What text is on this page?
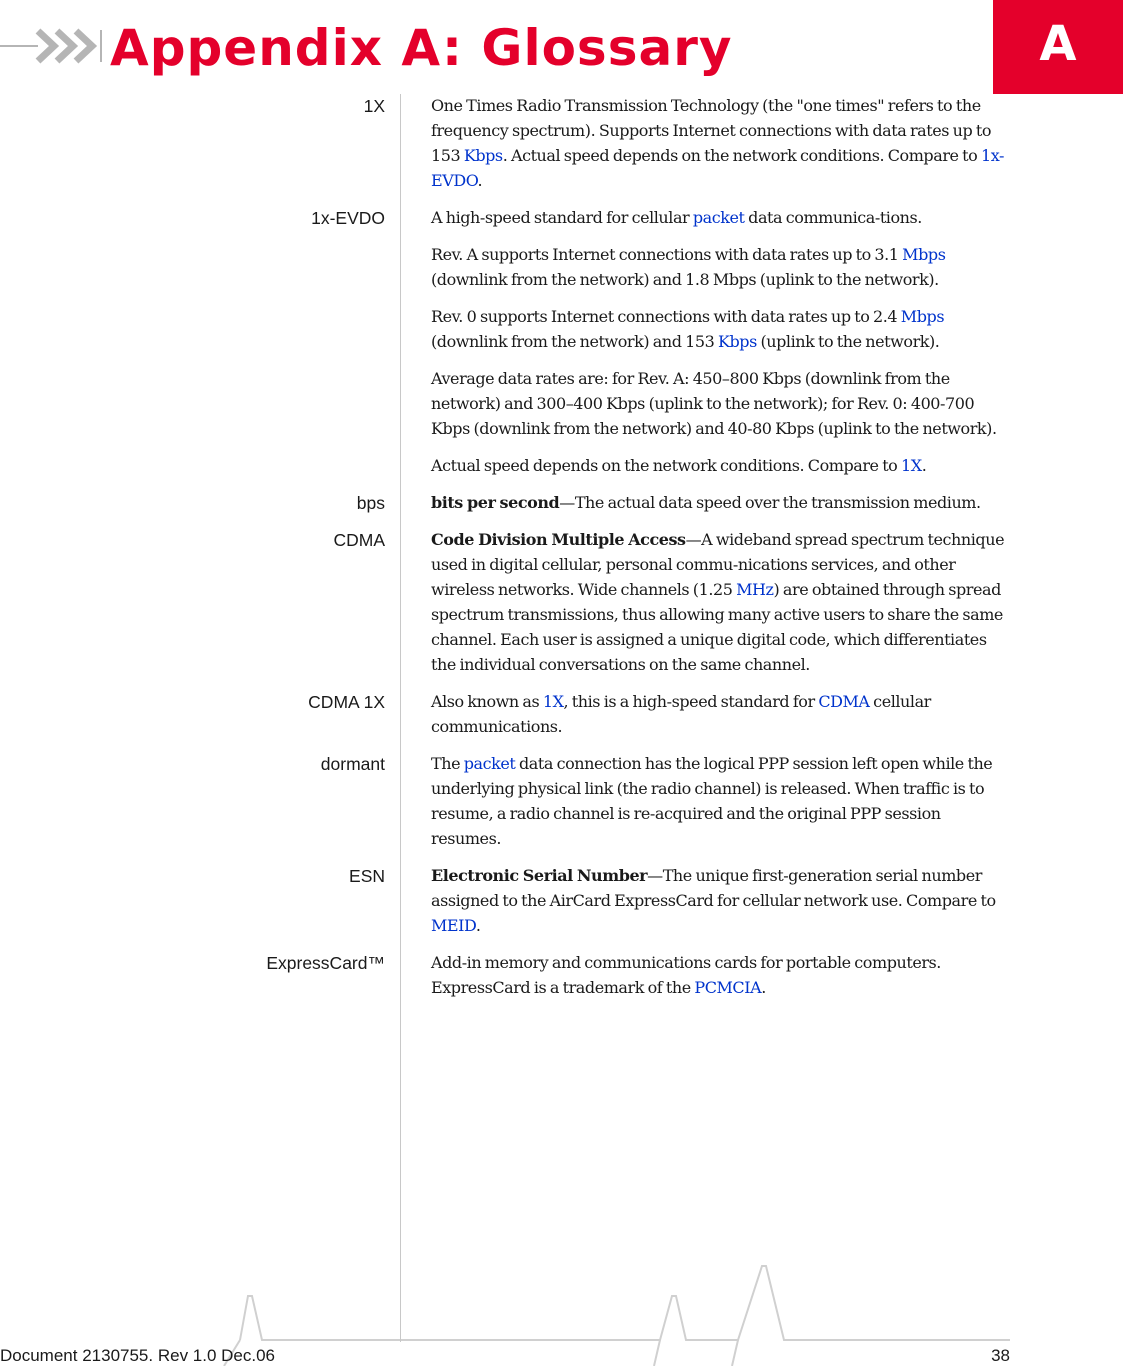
Appendix A: Glossary	A
1X	One Times Radio Transmission Technology (the "one times" refers to the frequency spectrum). Supports Internet connections with data rates up to 153 Kbps. Actual speed depends on the network conditions. Compare to 1x-EVDO.

1x-EVDO	A high-speed standard for cellular packet data communica-tions.

Rev. A supports Internet connections with data rates up to 3.1 Mbps (downlink from the network) and 1.8 Mbps (uplink to the network).

Rev. 0 supports Internet connections with data rates up to 2.4 Mbps (downlink from the network) and 153 Kbps (uplink to the network).

Average data rates are: for Rev. A: 450–800 Kbps (downlink from the network) and 300–400 Kbps (uplink to the network); for Rev. 0: 400-700 Kbps (downlink from the network) and 40-80 Kbps (uplink to the network).

Actual speed depends on the network conditions. Compare to 1X.

bps	bits per second—The actual data speed over the transmission medium.

CDMA	Code Division Multiple Access—A wideband spread spectrum technique used in digital cellular, personal commu-nications services, and other wireless networks. Wide channels (1.25 MHz) are obtained through spread spectrum transmissions, thus allowing many active users to share the same channel. Each user is assigned a unique digital code, which differentiates the individual conversations on the same channel.

CDMA 1X	Also known as 1X, this is a high-speed standard for CDMA cellular communications.

dormant	The packet data connection has the logical PPP session left open while the underlying physical link (the radio channel) is released. When traffic is to resume, a radio channel is re-acquired and the original PPP session resumes.

ESN	Electronic Serial Number—The unique first-generation serial number assigned to the AirCard ExpressCard for cellular network use. Compare to MEID.

ExpressCard™	Add-in memory and communications cards for portable computers. ExpressCard is a trademark of the PCMCIA.

Document 2130755. Rev 1.0 Dec.06	38
